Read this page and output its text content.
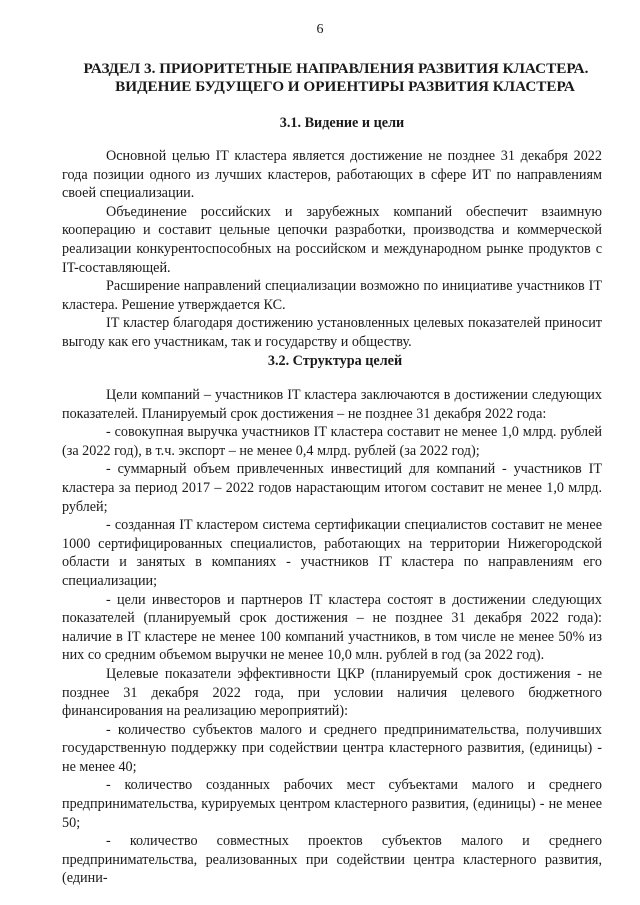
6
РАЗДЕЛ 3. ПРИОРИТЕТНЫЕ НАПРАВЛЕНИЯ РАЗВИТИЯ КЛАСТЕРА.
ВИДЕНИЕ БУДУЩЕГО И ОРИЕНТИРЫ РАЗВИТИЯ КЛАСТЕРА
3.1. Видение и цели

Основной целью IT кластера является достижение не позднее 31 декабря 2022 года позиции одного из лучших кластеров, работающих в сфере ИТ по направлениям своей специализации.

Объединение российских и зарубежных компаний обеспечит взаимную кооперацию и составит цельные цепочки разработки, производства и коммерческой реализации конкурентоспособных на российском и международном рынке продуктов с IT-составляющей.

Расширение направлений специализации возможно по инициативе участников IT кластера. Решение утверждается КС.

IT кластер благодаря достижению установленных целевых показателей приносит выгоду как его участникам, так и государству и обществу.

3.2. Структура целей

Цели компаний – участников IT кластера заключаются в достижении следующих показателей. Планируемый срок достижения – не позднее 31 декабря 2022 года:

- совокупная выручка участников IT кластера составит не менее 1,0 млрд. рублей (за 2022 год), в т.ч. экспорт – не менее 0,4 млрд. рублей (за 2022 год);

- суммарный объем привлеченных инвестиций для компаний - участников IT кластера за период 2017 – 2022 годов нарастающим итогом составит не менее 1,0 млрд. рублей;

- созданная IT кластером система сертификации специалистов составит не менее 1000 сертифицированных специалистов, работающих на территории Нижегородской области и занятых в компаниях - участников IT кластера по направлениям его специализации;

- цели инвесторов и партнеров IT кластера состоят в достижении следующих показателей (планируемый срок достижения – не позднее 31 декабря 2022 года): наличие в IT кластере не менее 100 компаний участников, в том числе не менее 50% из них со средним объемом выручки не менее 10,0 млн. рублей в год (за 2022 год).

Целевые показатели эффективности ЦКР (планируемый срок достижения - не позднее 31 декабря 2022 года, при условии наличия целевого бюджетного финансирования на реализацию мероприятий):

- количество субъектов малого и среднего предпринимательства, получивших государственную поддержку при содействии центра кластерного развития, (единицы) - не менее 40;

- количество созданных рабочих мест субъектами малого и среднего предпринимательства, курируемых центром кластерного развития, (единицы) - не менее 50;

- количество совместных проектов субъектов малого и среднего предпринимательства, реализованных при содействии центра кластерного развития, (едини-
